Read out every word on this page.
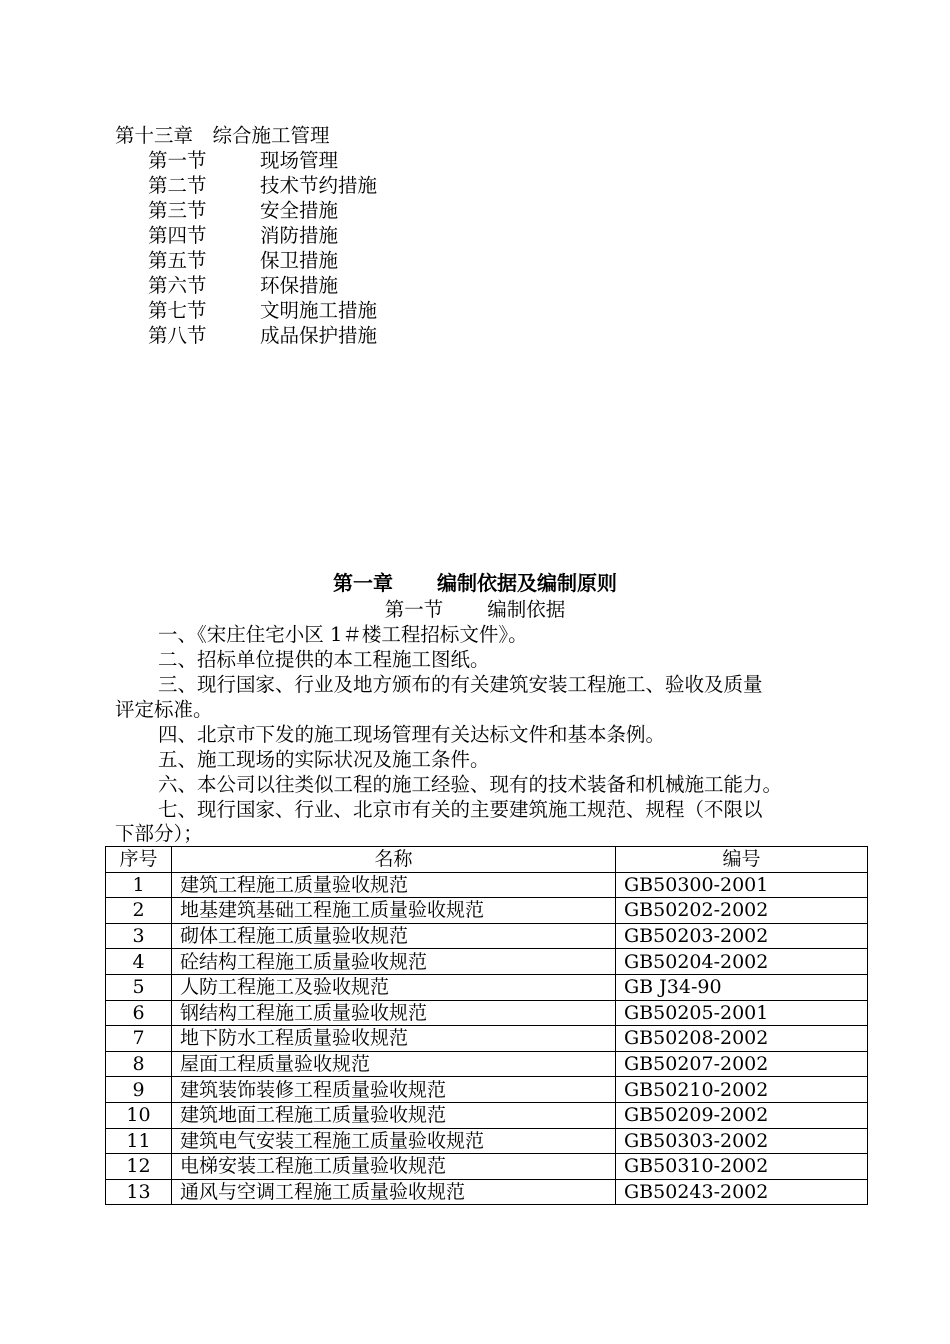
第十三章　综合施工管理
第一节	现场管理
第二节	技术节约措施
第三节	安全措施
第四节	消防措施
第五节	保卫措施
第六节	环保措施
第七节	文明施工措施
第八节	成品保护措施
第一章 编制依据及编制原则
第一节 编制依据
一、《宋庄住宅小区 1＃楼工程招标文件》。
二、招标单位提供的本工程施工图纸。
三、现行国家、行业及地方颁布的有关建筑安装工程施工、验收及质量
评定标准。
四、北京市下发的施工现场管理有关达标文件和基本条例。
五、施工现场的实际状况及施工条件。
六、本公司以往类似工程的施工经验、现有的技术装备和机械施工能力。
七、现行国家、行业、北京市有关的主要建筑施工规范、规程（不限以
下部分）；
序号	名称	编号
1	建筑工程施工质量验收规范	GB50300-2001
2	地基建筑基础工程施工质量验收规范	GB50202-2002
3	砌体工程施工质量验收规范	GB50203-2002
4	砼结构工程施工质量验收规范	GB50204-2002
5	人防工程施工及验收规范	GB J34-90
6	钢结构工程施工质量验收规范	GB50205-2001
7	地下防水工程质量验收规范	GB50208-2002
8	屋面工程质量验收规范	GB50207-2002
9	建筑装饰装修工程质量验收规范	GB50210-2002
10	建筑地面工程施工质量验收规范	GB50209-2002
11	建筑电气安装工程施工质量验收规范	GB50303-2002
12	电梯安装工程施工质量验收规范	GB50310-2002
13	通风与空调工程施工质量验收规范	GB50243-2002
